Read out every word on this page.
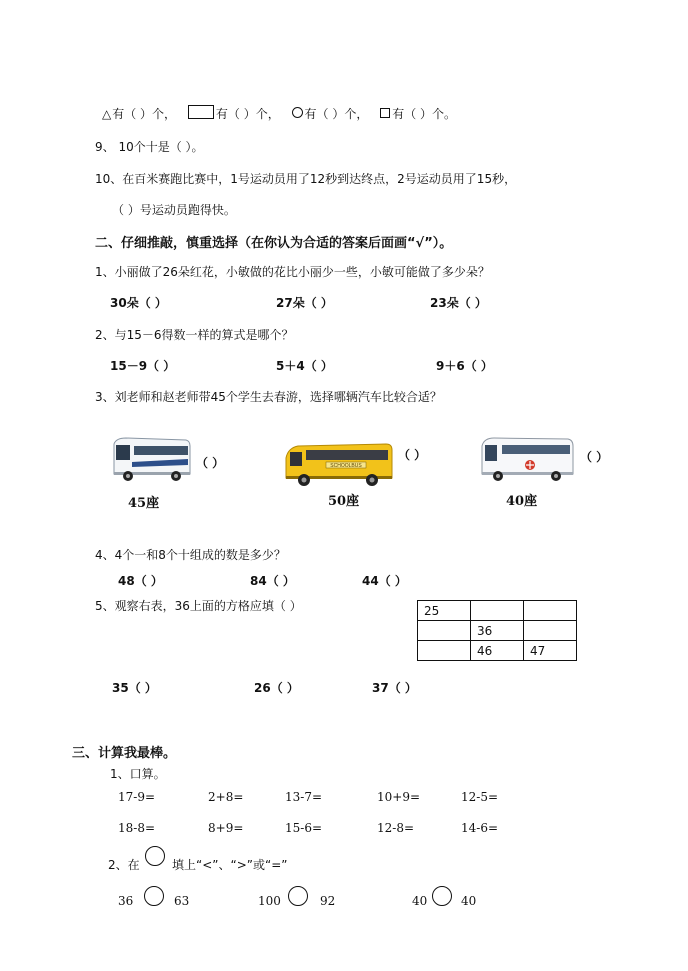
△有（ ）个，	有（ ）个， 有（ ）个， 有（ ）个。
9、 10个十是（ ）。
10、在百米赛跑比赛中，1号运动员用了12秒到达终点，2号运动员用了15秒，
（ ）号运动员跑得快。
二、仔细推敲，慎重选择（在你认为合适的答案后面画“√”）。
1、小丽做了26朵红花，小敏做的花比小丽少一些，小敏可能做了多少朵？
30朵（ ）	27朵（ ）	23朵（ ）
2、与15－6得数一样的算式是哪个？
15－9（ ）	5＋4（ ）	9＋6（ ）
3、刘老师和赵老师带45个学生去春游，选择哪辆汽车比较合适？
（ ）
45座
SCHOOLBUS
（ ）
50座
（ ）
40座
4、4个一和8个十组成的数是多少？
48（ ）	84（ ）	44（ ）
5、观察右表，36上面的方格应填（ ）	25		
	36	
	46	47
35（ ）	26（ ）	37（ ）
三、计算我最棒。
1、口算。
17-9=	2+8=	13-7=	10+9=	12-5=
18-8=	8+9=	15-6=	12-8=	14-6=
2、在	填上“<”、“>”或“=”
36	63	100	92	40	40
